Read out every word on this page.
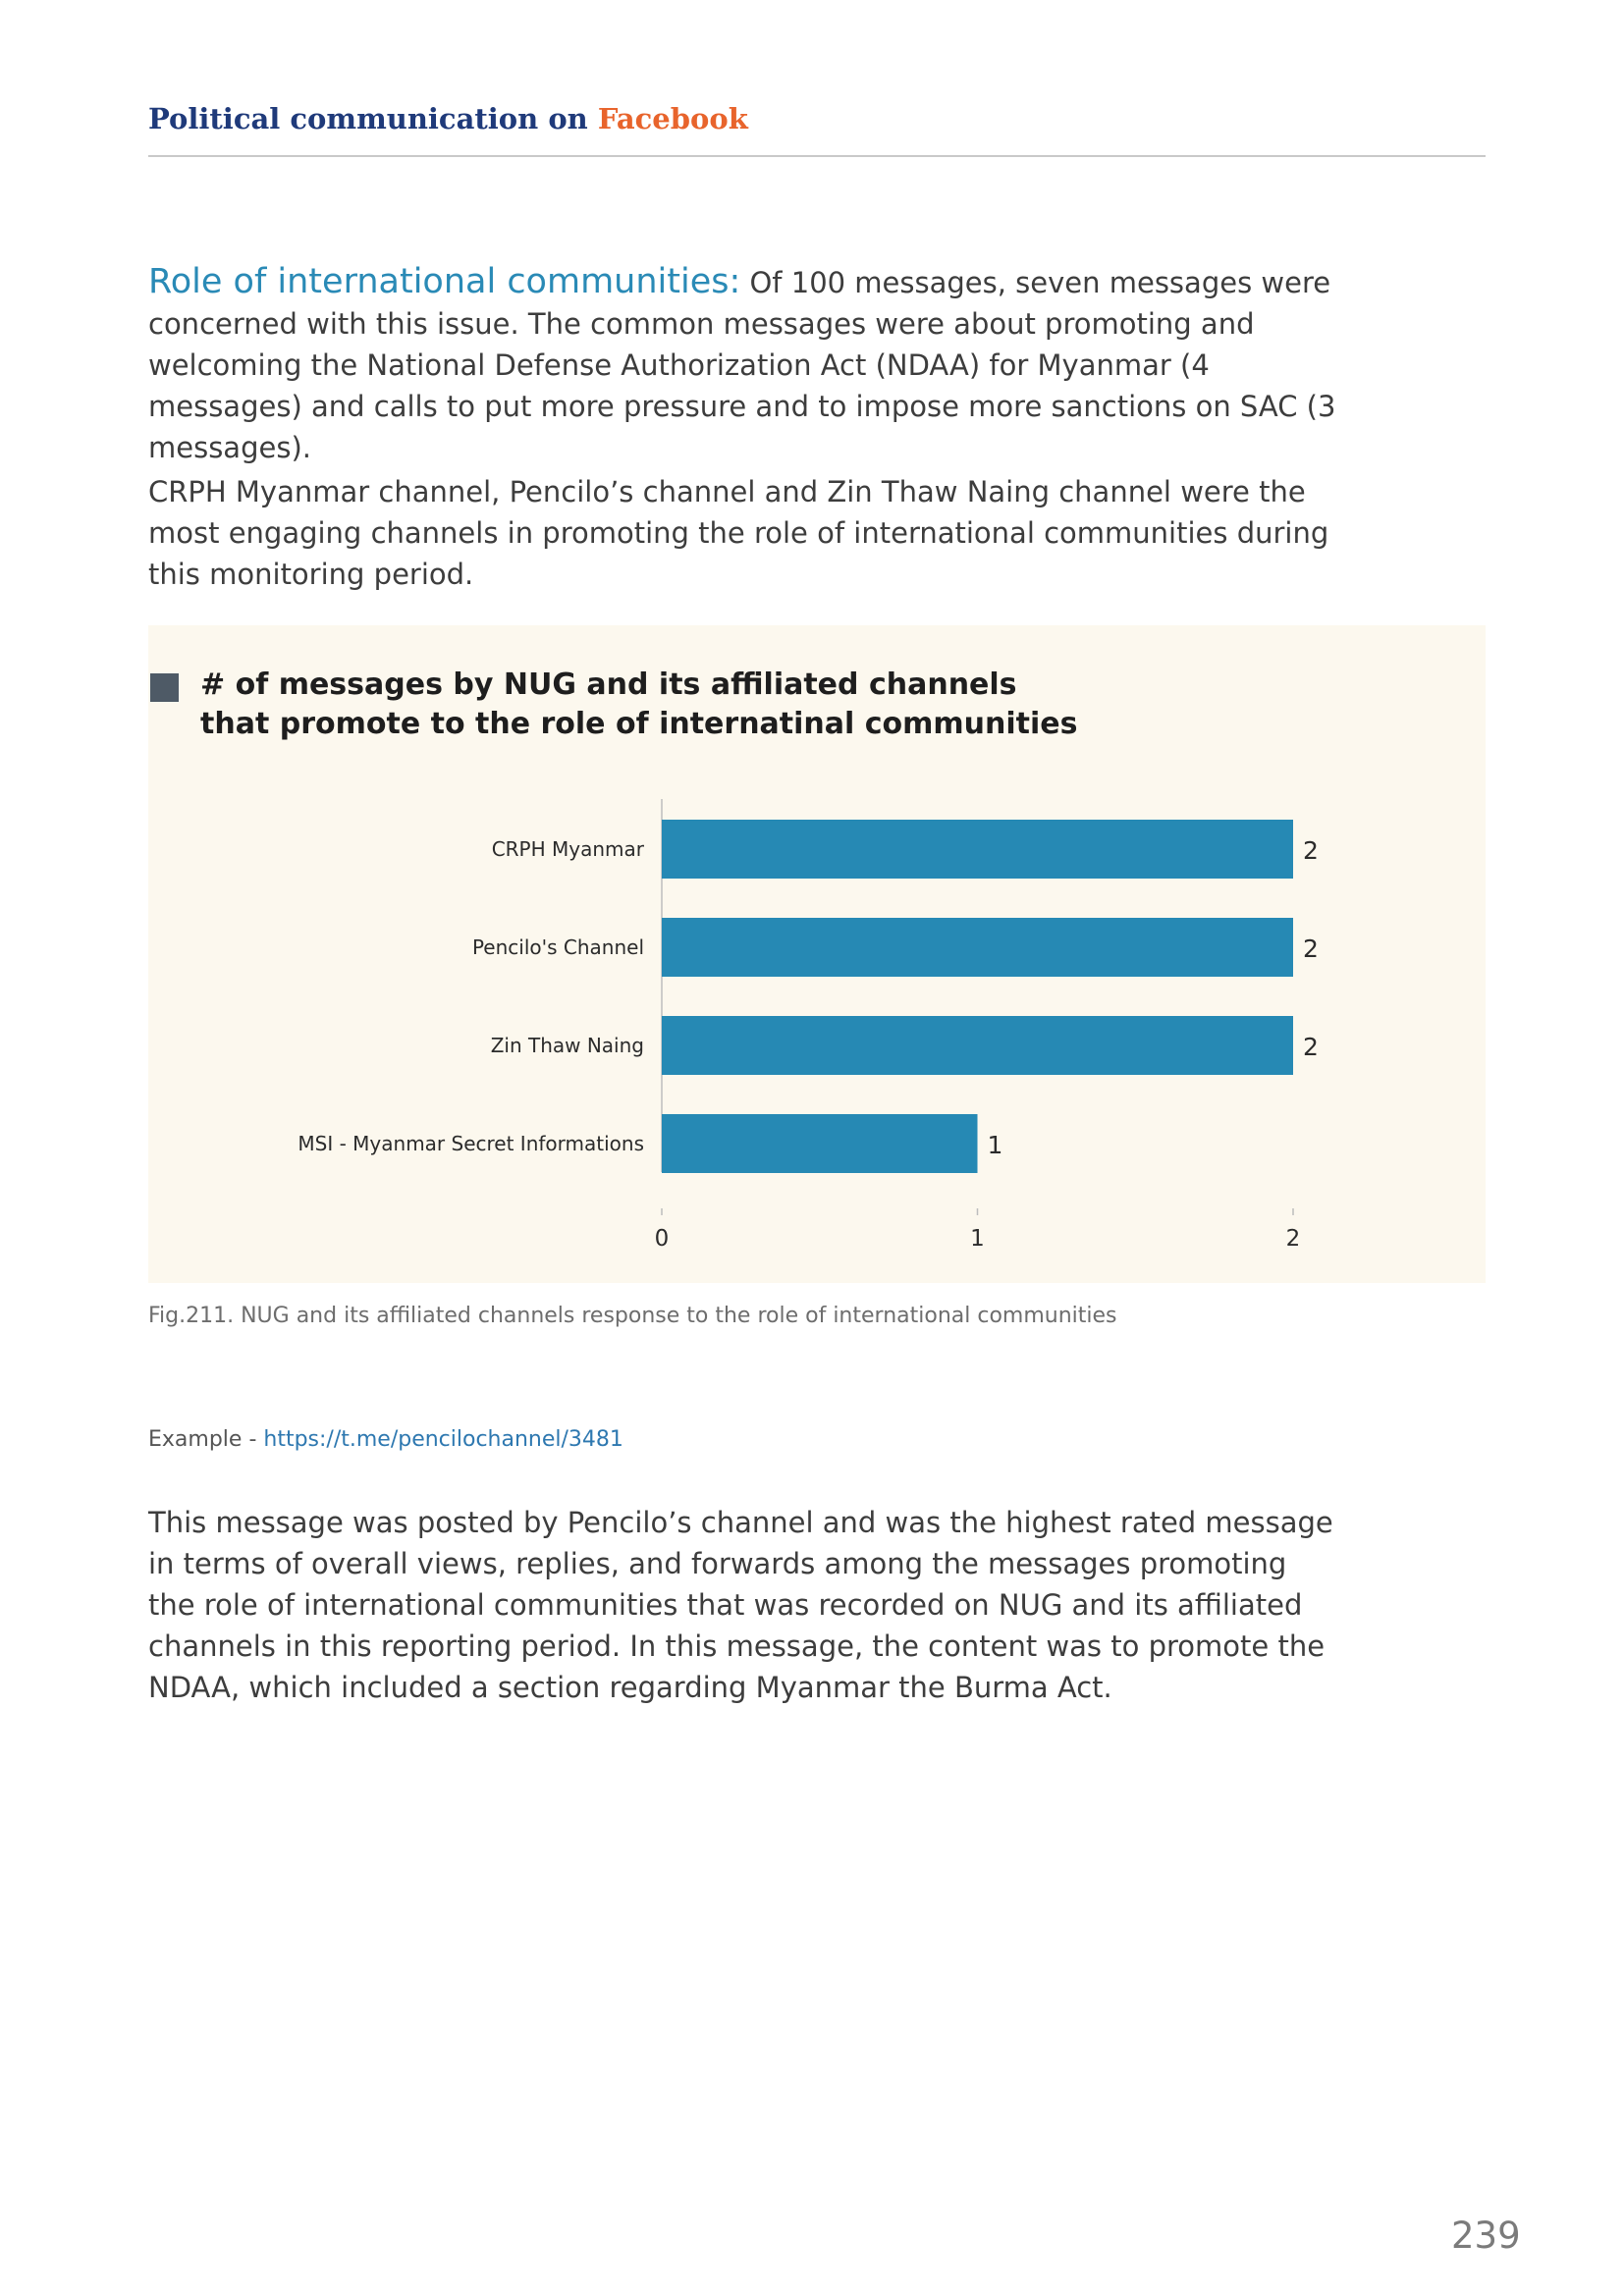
Political communication on Facebook

Role of international communities: Of 100 messages, seven messages were concerned with this issue. The common messages were about promoting and welcoming the National Defense Authorization Act (NDAA) for Myanmar (4 messages) and calls to put more pressure and to impose more sanctions on SAC (3 messages).

CRPH Myanmar channel, Pencilo’s channel and Zin Thaw Naing channel were the most engaging channels in promoting the role of international communities during this monitoring period.

# of messages by NUG and its affiliated channels
that promote to the role of internatinal communities

CRPH Myanmar	2
Pencilo's Channel	2
Zin Thaw Naing	2
MSI - Myanmar Secret Informations	1
0	1	2
Fig.211. NUG and its affiliated channels response to the role of international communities
Example - https://t.me/pencilochannel/3481

This message was posted by Pencilo’s channel and was the highest rated message in terms of overall views, replies, and forwards among the messages promoting the role of international communities that was recorded on NUG and its affiliated channels in this reporting period. In this message, the content was to promote the NDAA, which included a section regarding Myanmar the Burma Act.

239
